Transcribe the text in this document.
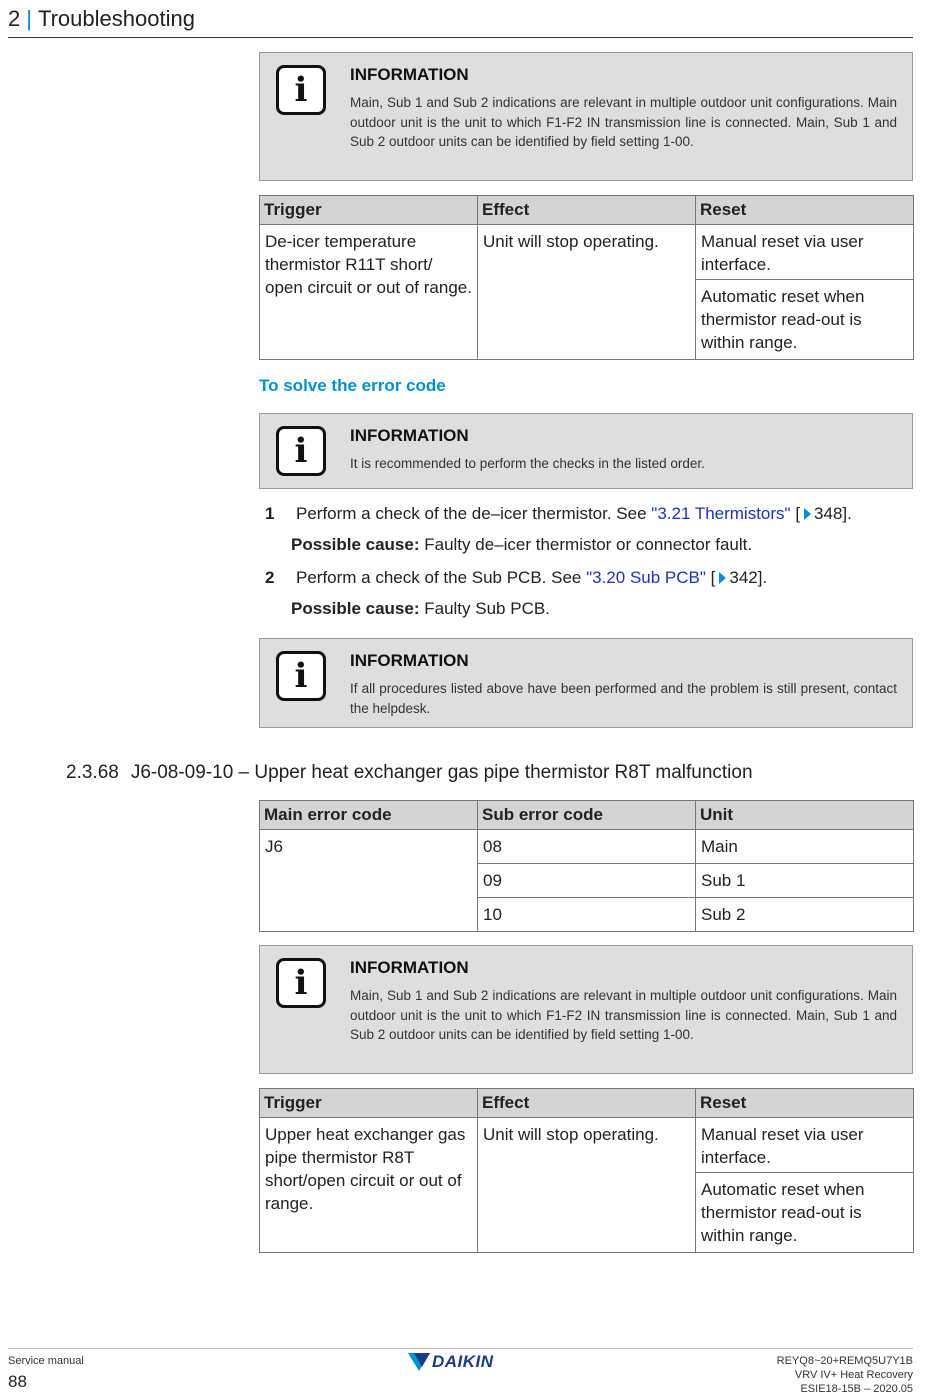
2 | Troubleshooting
i	INFORMATION
Main, Sub 1 and Sub 2 indications are relevant in multiple outdoor unit configurations. Main outdoor unit is the unit to which F1-F2 IN transmission line is connected. Main, Sub 1 and Sub 2 outdoor units can be identified by field setting 1-00.
Trigger	Effect	Reset
De-icer temperature thermistor R11T short/ open circuit or out of range.	Unit will stop operating.	Manual reset via user interface.
		Automatic reset when thermistor read-out is within range.
To solve the error code
i	INFORMATION
It is recommended to perform the checks in the listed order.
1 Perform a check of the de–icer thermistor. See "3.21 Thermistors" [ 348].
Possible cause: Faulty de–icer thermistor or connector fault.
2 Perform a check of the Sub PCB. See "3.20 Sub PCB" [ 342].
Possible cause: Faulty Sub PCB.
i	INFORMATION
If all procedures listed above have been performed and the problem is still present, contact the helpdesk.
2.3.68 J6-08-09-10 – Upper heat exchanger gas pipe thermistor R8T malfunction
Main error code	Sub error code	Unit
J6	08	Main
	09	Sub 1
	10	Sub 2
i	INFORMATION
Main, Sub 1 and Sub 2 indications are relevant in multiple outdoor unit configurations. Main outdoor unit is the unit to which F1-F2 IN transmission line is connected. Main, Sub 1 and Sub 2 outdoor units can be identified by field setting 1-00.
Trigger	Effect	Reset
Upper heat exchanger gas pipe thermistor R8T short/open circuit or out of range.	Unit will stop operating.	Manual reset via user interface.
		Automatic reset when thermistor read-out is within range.
Service manual
88
DAIKIN	REYQ8~20+REMQ5U7Y1B
VRV IV+ Heat Recovery
ESIE18-15B – 2020.05
